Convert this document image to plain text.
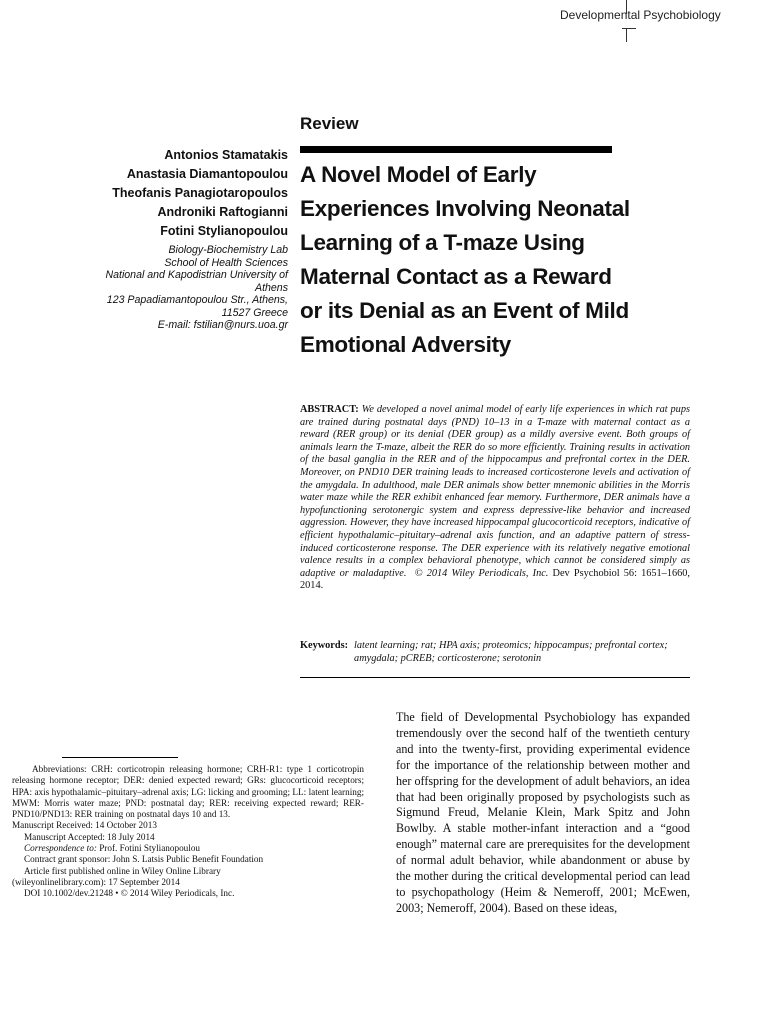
Developmental Psychobiology
Review
Antonios Stamatakis
Anastasia Diamantopoulou
Theofanis Panagiotaropoulos
Androniki Raftogianni
Fotini Stylianopoulou
Biology-Biochemistry Lab
School of Health Sciences
National and Kapodistrian University of
Athens
123 Papadiamantopoulou Str., Athens,
11527 Greece
E-mail: fstilian@nurs.uoa.gr
A Novel Model of Early
Experiences Involving Neonatal
Learning of a T-maze Using
Maternal Contact as a Reward
or its Denial as an Event of Mild
Emotional Adversity
ABSTRACT: We developed a novel animal model of early life experiences in which rat pups are trained during postnatal days (PND) 10–13 in a T-maze with maternal contact as a reward (RER group) or its denial (DER group) as a mildly aversive event. Both groups of animals learn the T-maze, albeit the RER do so more efficiently. Training results in activation of the basal ganglia in the RER and of the hippocampus and prefrontal cortex in the DER. Moreover, on PND10 DER training leads to increased corticosterone levels and activation of the amygdala. In adulthood, male DER animals show better mnemonic abilities in the Morris water maze while the RER exhibit enhanced fear memory. Furthermore, DER animals have a hypofunctioning serotonergic system and express depressive-like behavior and increased aggression. However, they have increased hippocampal glucocorticoid receptors, indicative of efficient hypothalamic–pituitary–adrenal axis function, and an adaptive pattern of stress-induced corticosterone response. The DER experience with its relatively negative emotional valence results in a complex behavioral phenotype, which cannot be considered simply as adaptive or maladaptive. © 2014 Wiley Periodicals, Inc. Dev Psychobiol 56: 1651–1660, 2014.
Keywords: latent learning; rat; HPA axis; proteomics; hippocampus; prefrontal cortex; amygdala; pCREB; corticosterone; serotonin
Abbreviations: CRH: corticotropin releasing hormone; CRH-R1: type 1 corticotropin releasing hormone receptor; DER: denied expected reward; GRs: glucocorticoid receptors; HPA: axis hypothalamic–pituitary–adrenal axis; LG: licking and grooming; LL: latent learning; MWM: Morris water maze; PND: postnatal day; RER: receiving expected reward; RER-PND10/PND13: RER training on postnatal days 10 and 13.
Manuscript Received: 14 October 2013
Manuscript Accepted: 18 July 2014
Correspondence to: Prof. Fotini Stylianopoulou
Contract grant sponsor: John S. Latsis Public Benefit Foundation
Article first published online in Wiley Online Library
(wileyonlinelibrary.com): 17 September 2014
DOI 10.1002/dev.21248 • © 2014 Wiley Periodicals, Inc.
The field of Developmental Psychobiology has expanded tremendously over the second half of the twentieth century and into the twenty-first, providing experimental evidence for the importance of the relationship between mother and her offspring for the development of adult behaviors, an idea that had been originally proposed by psychologists such as Sigmund Freud, Melanie Klein, Mark Spitz and John Bowlby. A stable mother-infant interaction and a “good enough” maternal care are prerequisites for the development of normal adult behavior, while abandonment or abuse by the mother during the critical developmental period can lead to psychopathology (Heim & Nemeroff, 2001; McEwen, 2003; Nemeroff, 2004). Based on these ideas,
